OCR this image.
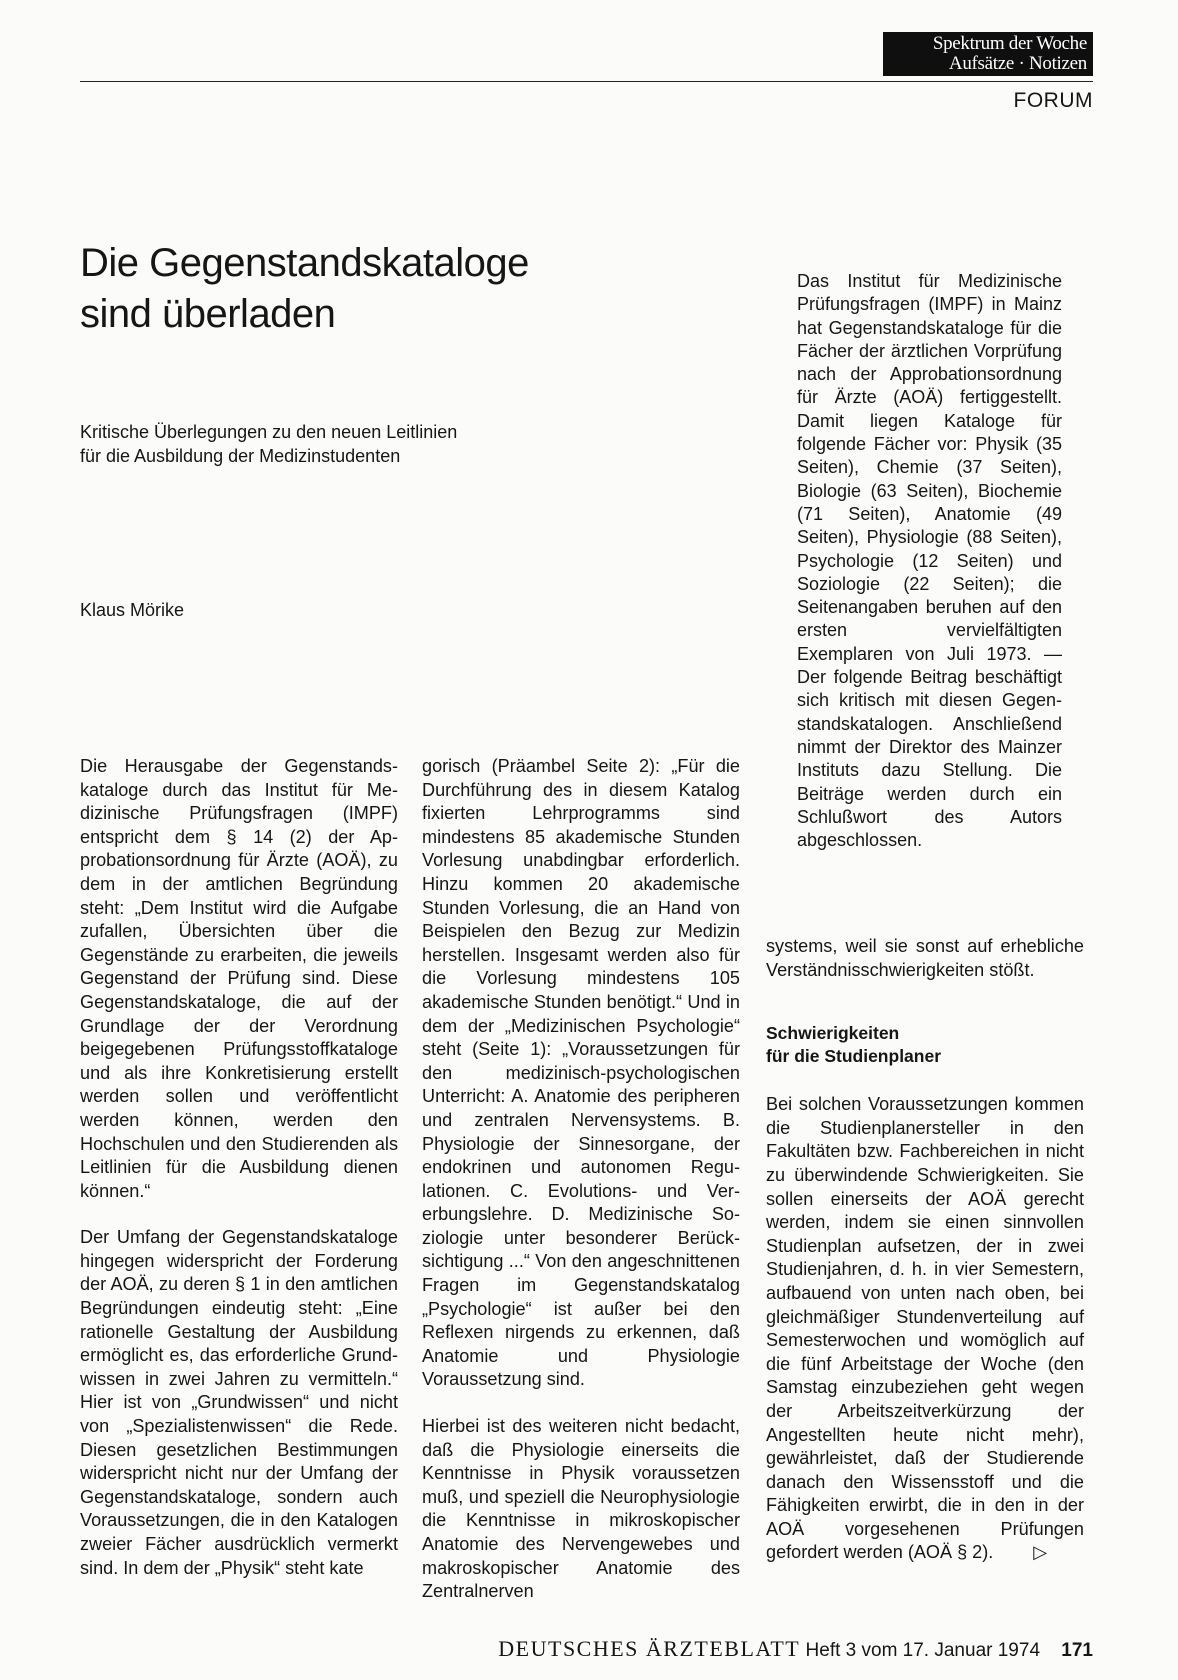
Spektrum der Woche
Aufsätze · Notizen
FORUM
Die Gegenstandskataloge
sind überladen
Kritische Überlegungen zu den neuen Leitlinien
für die Ausbildung der Medizinstudenten
Klaus Mörike
Das Institut für Medizinische Prüfungsfragen (IMPF) in Mainz hat Gegenstandskataloge für die Fächer der ärztlichen Vorprüfung nach der Approbationsordnung für Ärzte (AOÄ) fertiggestellt. Damit liegen Kataloge für folgende Fächer vor: Physik (35 Seiten), Chemie (37 Seiten), Biologie (63 Seiten), Biochemie (71 Seiten), Anatomie (49 Seiten), Physiologie (88 Seiten), Psychologie (12 Seiten) und Soziologie (22 Seiten); die Seitenangaben beruhen auf den ersten vervielfältigten Exemplaren von Juli 1973. — Der folgende Beitrag beschäftigt sich kritisch mit diesen Gegenstandskatalogen. Anschließend nimmt der Direktor des Mainzer Instituts dazu Stellung. Die Beiträge werden durch ein Schlußwort des Autors abgeschlossen.

Die Herausgabe der Gegenstandskataloge durch das Institut für Medizinische Prüfungsfragen (IMPF) entspricht dem § 14 (2) der Approbationsordnung für Ärzte (AOÄ), zu dem in der amtlichen Begründung steht: „Dem Institut wird die Aufgabe zufallen, Übersichten über die Gegenstände zu erarbeiten, die jeweils Gegenstand der Prüfung sind. Diese Gegenstandskataloge, die auf der Grundlage der der Verordnung beigegebenen Prüfungsstoffkataloge und als ihre Konkretisierung erstellt werden sollen und veröffentlicht werden können, werden den Hochschulen und den Studierenden als Leitlinien für die Ausbildung dienen können.“

Der Umfang der Gegenstandskataloge hingegen widerspricht der Forderung der AOÄ, zu deren § 1 in den amtlichen Begründungen eindeutig steht: „Eine rationelle Gestaltung der Ausbildung ermöglicht es, das erforderliche Grundwissen in zwei Jahren zu vermitteln.“ Hier ist von „Grundwissen“ und nicht von „Spezialistenwissen“ die Rede. Diesen gesetzlichen Bestimmungen widerspricht nicht nur der Umfang der Gegenstandskataloge, sondern auch Voraussetzungen, die in den Katalogen zweier Fächer ausdrücklich vermerkt sind. In dem der „Physik“ steht kate

gorisch (Präambel Seite 2): „Für die Durchführung des in diesem Katalog fixierten Lehrprogramms sind mindestens 85 akademische Stunden Vorlesung unabdingbar erforderlich. Hinzu kommen 20 akademische Stunden Vorlesung, die an Hand von Beispielen den Bezug zur Medizin herstellen. Insgesamt werden also für die Vorlesung mindestens 105 akademische Stunden benötigt.“ Und in dem der „Medizinischen Psychologie“ steht (Seite 1): „Voraussetzungen für den medizinisch-psychologischen Unterricht: A. Anatomie des peripheren und zentralen Nervensystems. B. Physiologie der Sinnesorgane, der endokrinen und autonomen Regulationen. C. Evolutions- und Vererbungslehre. D. Medizinische Soziologie unter besonderer Berücksichtigung ...“ Von den angeschnittenen Fragen im Gegenstandskatalog „Psychologie“ ist außer bei den Reflexen nirgends zu erkennen, daß Anatomie und Physiologie Voraussetzung sind.

Hierbei ist des weiteren nicht bedacht, daß die Physiologie einerseits die Kenntnisse in Physik voraussetzen muß, und speziell die Neurophysiologie die Kenntnisse in mikroskopischer Anatomie des Nervengewebes und makroskopischer Anatomie des Zentralnerven

systems, weil sie sonst auf erhebliche Verständnisschwierigkeiten stößt.

Schwierigkeiten
für die Studienplaner

Bei solchen Voraussetzungen kommen die Studienplanersteller in den Fakultäten bzw. Fachbereichen in nicht zu überwindende Schwierigkeiten. Sie sollen einerseits der AOÄ gerecht werden, indem sie einen sinnvollen Studienplan aufsetzen, der in zwei Studienjahren, d. h. in vier Semestern, aufbauend von unten nach oben, bei gleichmäßiger Stundenverteilung auf Semesterwochen und womöglich auf die fünf Arbeitstage der Woche (den Samstag einzubeziehen geht wegen der Arbeitszeitverkürzung der Angestellten heute nicht mehr), gewährleistet, daß der Studierende danach den Wissensstoff und die Fähigkeiten erwirbt, die in den in der AOÄ vorgesehenen Prüfungen gefordert werden (AOÄ § 2). ▷

DEUTSCHES ÄRZTEBLATT Heft 3 vom 17. Januar 1974 171
